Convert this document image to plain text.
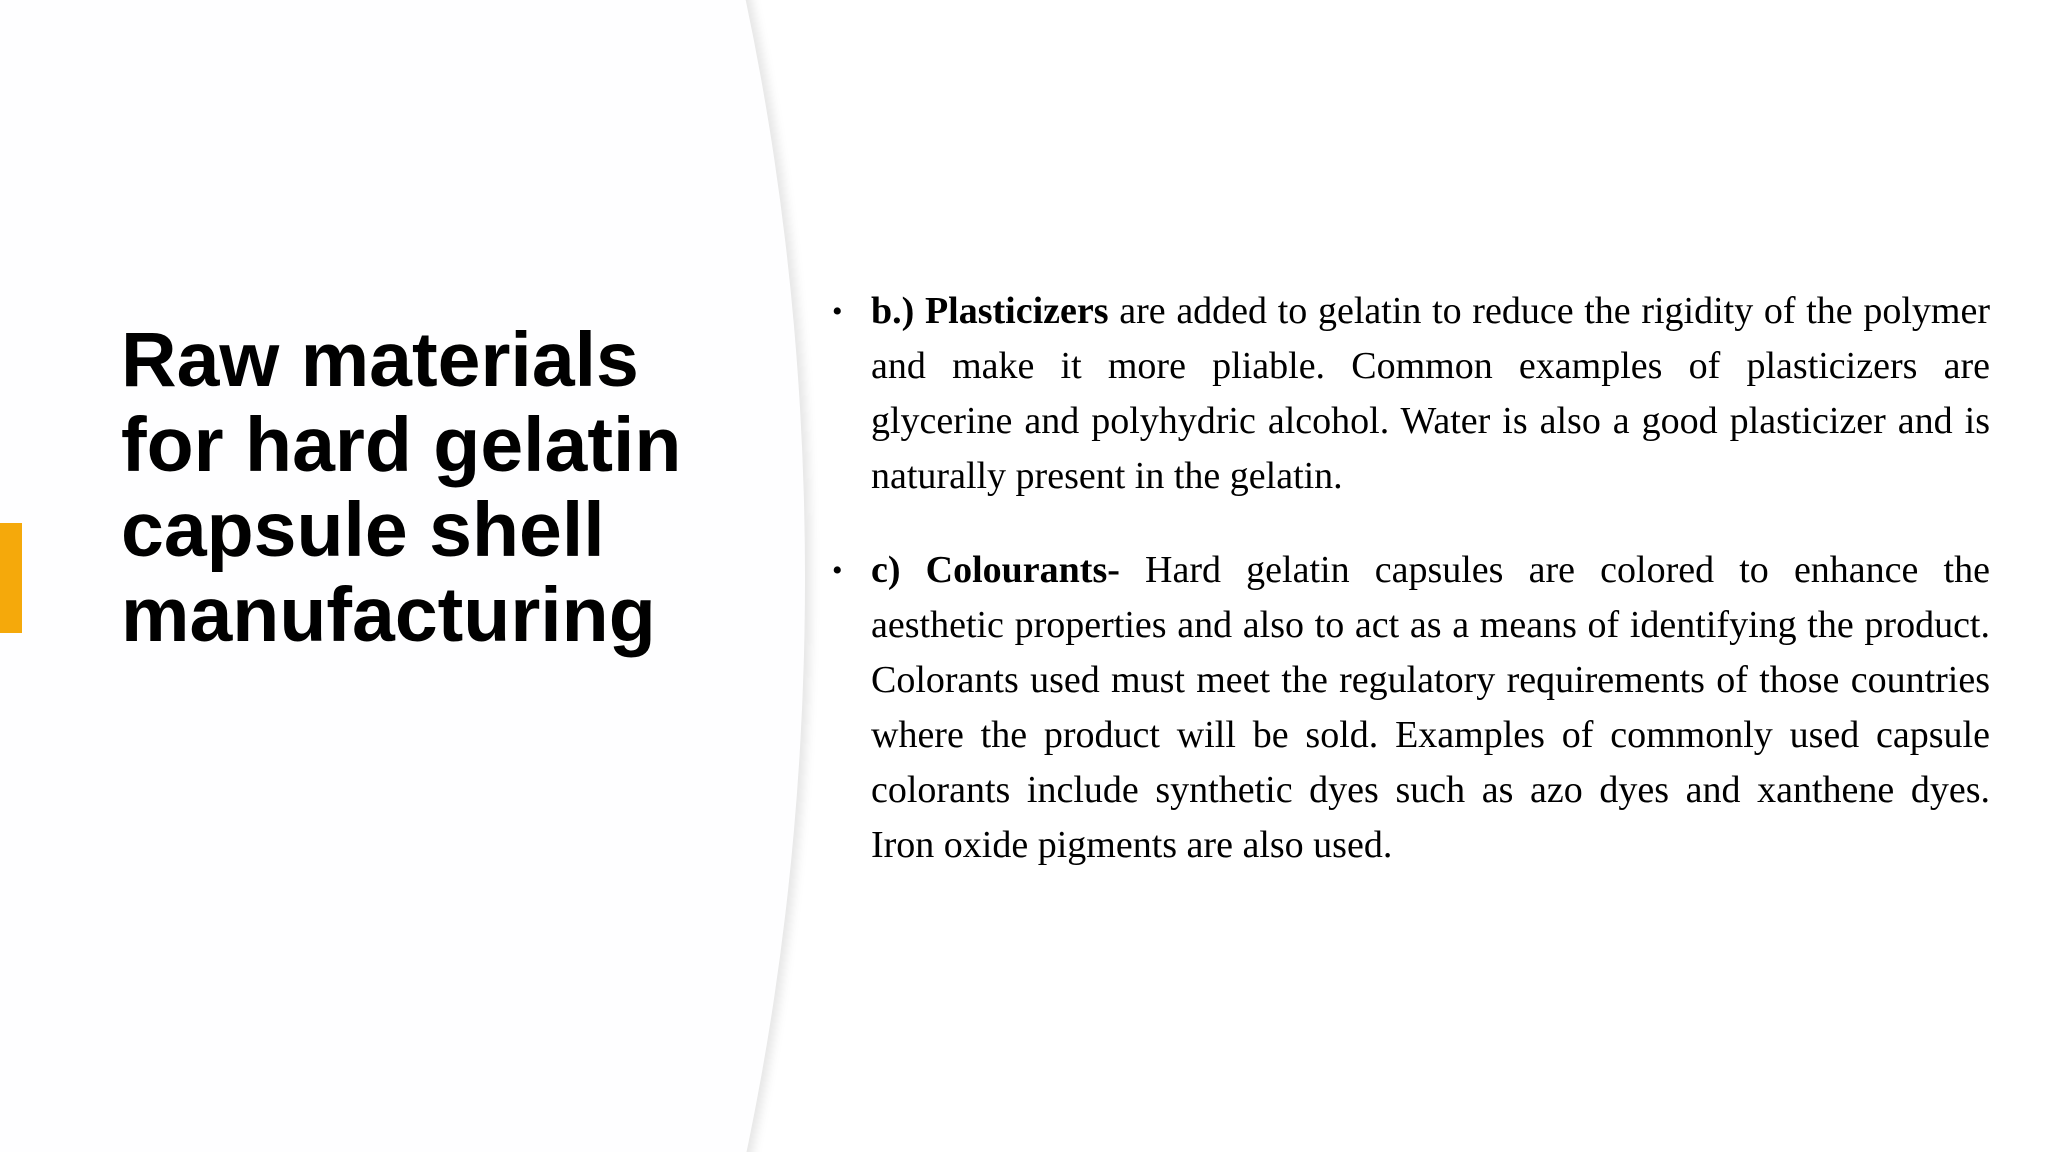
Raw materials for hard gelatin capsule shell manufacturing
• b.) Plasticizers are added to gelatin to reduce the rigidity of the polymer and make it more pliable. Common examples of plasticizers are glycerine and polyhydric alcohol. Water is also a good plasticizer and is naturally present in the gelatin.
• c) Colourants- Hard gelatin capsules are colored to enhance the aesthetic properties and also to act as a means of identifying the product. Colorants used must meet the regulatory requirements of those countries where the product will be sold. Examples of commonly used capsule colorants include synthetic dyes such as azo dyes and xanthene dyes. Iron oxide pigments are also used.
